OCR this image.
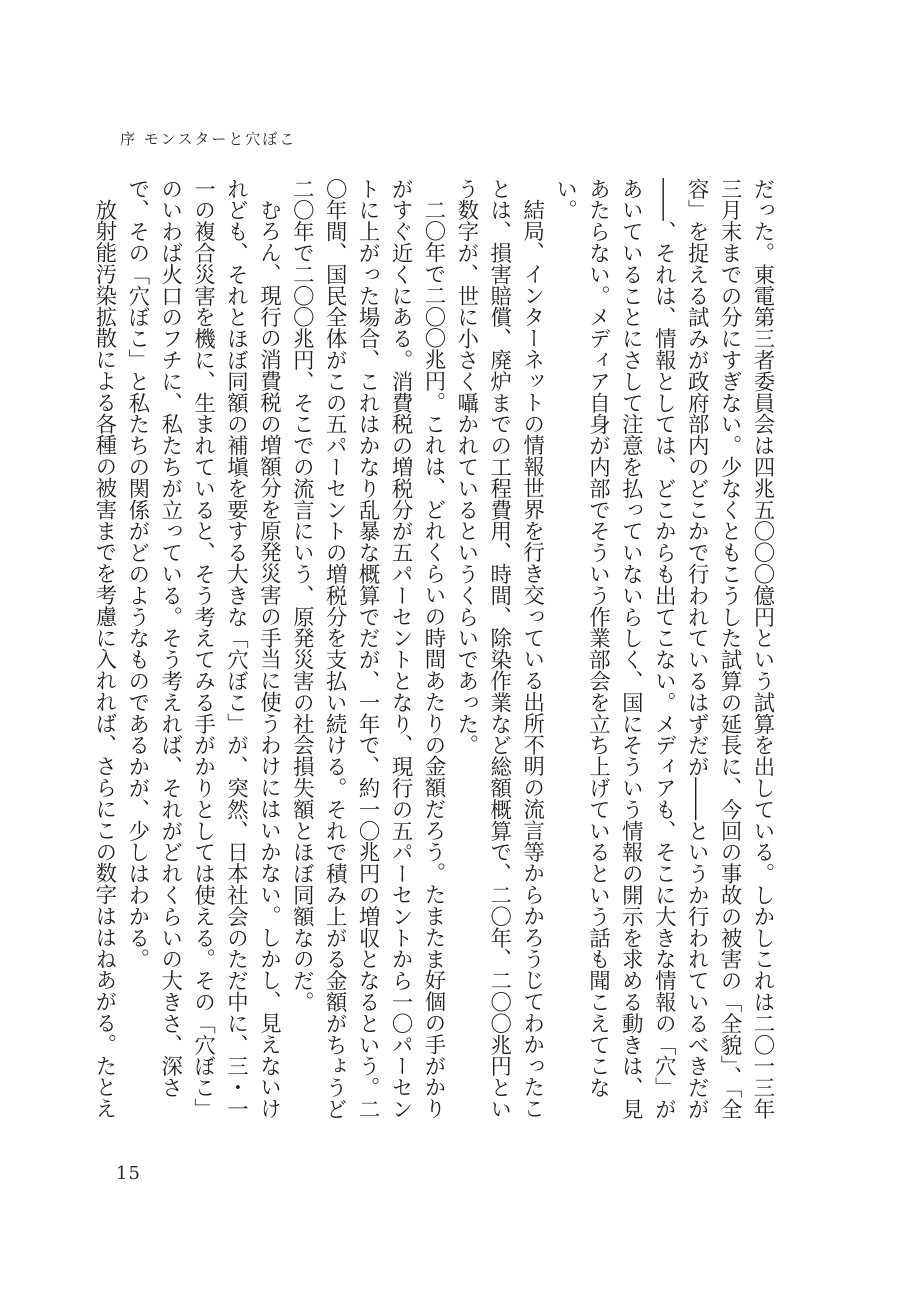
序 モンスターと穴ぼこ

だった。東電第三者委員会は四兆五〇〇〇億円という試算を出している。しかしこれは二〇一三年三月末までの分にすぎない。少なくともこうした試算の延長に、今回の事故の被害の「全貌」、「全容」を捉える試みが政府部内のどこかで行われているはずだが――というか行われているべきだが――、それは、情報としては、どこからも出てこない。メディアも、そこに大きな情報の「穴」があいていることにさして注意を払っていないらしく、国にそういう情報の開示を求める動きは、見あたらない。メディア自身が内部でそういう作業部会を立ち上げているという話も聞こえてこない。

結局、インターネットの情報世界を行き交っている出所不明の流言等からかろうじてわかったことは、損害賠償、廃炉までの工程費用、時間、除染作業など総額概算で、二〇年、二〇〇兆円という数字が、世に小さく囁かれているというくらいであった。

二〇年で二〇〇兆円。これは、どれくらいの時間あたりの金額だろう。たまたま好個の手がかりがすぐ近くにある。消費税の増税分が五パーセントとなり、現行の五パーセントから一〇パーセントに上がった場合、これはかなり乱暴な概算でだが、一年で、約一〇兆円の増収となるという。二〇年間、国民全体がこの五パーセントの増税分を支払い続ける。それで積み上がる金額がちょうど二〇年で二〇〇兆円、そこでの流言にいう、原発災害の社会損失額とほぼ同額なのだ。

むろん、現行の消費税の増額分を原発災害の手当に使うわけにはいかない。しかし、見えないけれども、それとほぼ同額の補塡を要する大きな「穴ぼこ」が、突然、日本社会のただ中に、三・一一の複合災害を機に、生まれていると、そう考えてみる手がかりとしては使える。その「穴ぼこ」のいわば火口のフチに、私たちが立っている。そう考えれば、それがどれくらいの大きさ、深さで、その「穴ぼこ」と私たちの関係がどのようなものであるかが、少しはわかる。

放射能汚染拡散による各種の被害までを考慮に入れれば、さらにこの数字ははねあがる。たとえ

15
